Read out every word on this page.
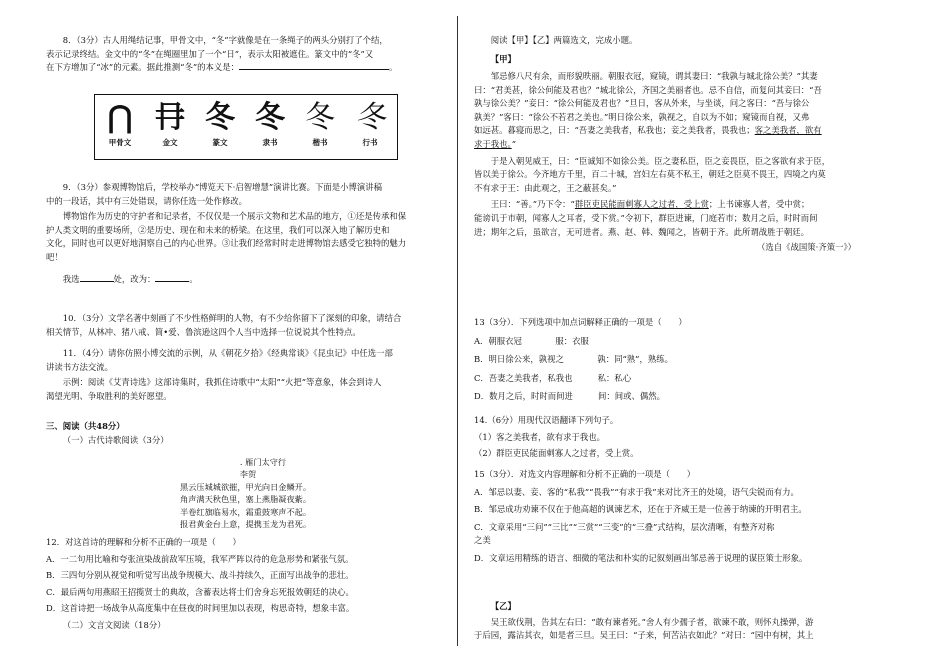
8．（3分）古人用绳结记事，甲骨文中，“冬”字就像是在一条绳子的两头分别打了个结，

表示记录终结。金文中的“冬”在绳圈里加了一个“日”，表示太阳被遮住。篆文中的“冬”又

在下方增加了“冰”的元素。据此推测“冬”的本义是：	。

⋂
甲骨文
冄
金文
冬
篆文
冬
隶书
冬
楷书
冬
行书

9．（3分）参观博物馆后，学校举办“博览天下·启智增慧”演讲比赛。下面是小博演讲稿

中的一段话，其中有三处错误，请你任选一处作修改。

博物馆作为历史的守护者和记录者，不仅仅是一个展示文物和艺术品的地方，①还是传承和保

护人类文明的重要场所，②是历史、现在和未来的桥梁。在这里，我们可以深入地了解历史和

文化，同时也可以更好地洞察自己的内心世界。③让我们经常时时走进博物馆去感受它独特的魅力

吧！

我选	处，改为：	。

10．（3分）文学名著中刻画了不少性格鲜明的人物，有不少给你留下了深刻的印象，请结合

相关情节，从林冲、猪八戒、简•爱、鲁滨逊这四个人当中选择一位说说其个性特点。

11．（4分）请你仿照小博交流的示例，从《朝花夕拾》《经典常谈》《昆虫记》中任选一部

讲读书方法交流。

示例：阅读《艾青诗选》这部诗集时，我抓住诗歌中“太阳”“火把”等意象，体会到诗人

渴望光明、争取胜利的美好愿望。

三、阅读（共48分）

（一）古代诗歌阅读（3分）

. 雁门太守行

李贺

黑云压城城欲摧，甲光向日金鳞开。

角声满天秋色里，塞上燕脂凝夜紫。

半卷红旗临易水，霜重鼓寒声不起。

报君黄金台上意，提携玉龙为君死。

12．对这首诗的理解和分析不正确的一项是（　　）

A．一二句用比喻和夸张渲染战前敌军压境，我军严阵以待的危急形势和紧张气氛。

B．三四句分别从视觉和听觉写出战争规模大、战斗持续久，正面写出战争的悲壮。

C．最后两句用燕昭王招揽贤士的典故，含蓄表达将士们舍身忘死报效朝廷的决心。

D．这首诗把一场战争从高度集中在昼夜的时间里加以表现，构思奇特，想象丰富。

（二）文言文阅读（18分）

阅读【甲】【乙】两篇选文，完成小题。

【甲】

邹忌修八尺有余，而形貌昳丽。朝服衣冠，窥镜，谓其妻曰：“我孰与城北徐公美？”其妻

曰：“君美甚，徐公何能及君也？”城北徐公，齐国之美丽者也。忌不自信，而复问其妾曰：“吾

孰与徐公美？”妾曰：“徐公何能及君也？”旦日，客从外来，与坐谈，问之客曰：“吾与徐公

孰美？”客曰：“徐公不若君之美也。”明日徐公来，孰视之，自以为不如；窥镜而自视，又弗

如远甚。暮寝而思之，曰：“吾妻之美我者，私我也；妾之美我者，畏我也；客之美我者，欲有

求于我也。”

于是入朝见威王，曰：“臣诚知不如徐公美。臣之妻私臣，臣之妾畏臣，臣之客欲有求于臣，

皆以美于徐公。今齐地方千里，百二十城，宫妇左右莫不私王，朝廷之臣莫不畏王，四境之内莫

不有求于王：由此观之，王之蔽甚矣。”

王曰：“善。”乃下令：“群臣吏民能面刺寡人之过者，受上赏；上书谏寡人者，受中赏；

能谤讥于市朝，闻寡人之耳者，受下赏。”令初下，群臣进谏，门庭若市；数月之后，时时而间

进；期年之后，虽欲言，无可进者。燕、赵、韩、魏闻之，皆朝于齐。此所谓战胜于朝廷。

（选自《战国策·齐策一》）

13（3分）．下列选项中加点词解释正确的一项是（　　）

A．朝服衣冠　　　　服：衣服

B．明日徐公来，孰视之　　　　孰：同“熟”，熟练。

C．吾妻之美我者，私我也　　　私：私心

D．数月之后，时时而间进　　　间：间或、偶然。

14.（6分）用现代汉语翻译下列句子。

（1）客之美我者，欲有求于我也。

（2）群臣吏民能面刺寡人之过者，受上赏。

15（3分）．对选文内容理解和分析不正确的一项是（　　）

A．邹忌以妻、妾、客的“私我”“畏我”“有求于我”来对比齐王的处境，语气尖锐而有力。

B．邹忌成功劝谏不仅在于他高超的讽谏艺术，还在于齐威王是一位善于纳谏的开明君主。

C．文章采用“三问”“三比”“三赏”“三变”的“三叠”式结构，层次清晰，有整齐对称

之美

D．文章运用精练的语言、细微的笔法和朴实的记叙刻画出邹忌善于说理的谋臣策士形象。

【乙】

吴王欲伐荆，告其左右曰：“敢有谏者死。”舍人有少孺子者，欲谏不敢，则怀丸操弹，游

于后园，露沾其衣，如是者三旦。吴王曰：“子来，何苦沾衣如此？”对曰：“园中有树，其上
